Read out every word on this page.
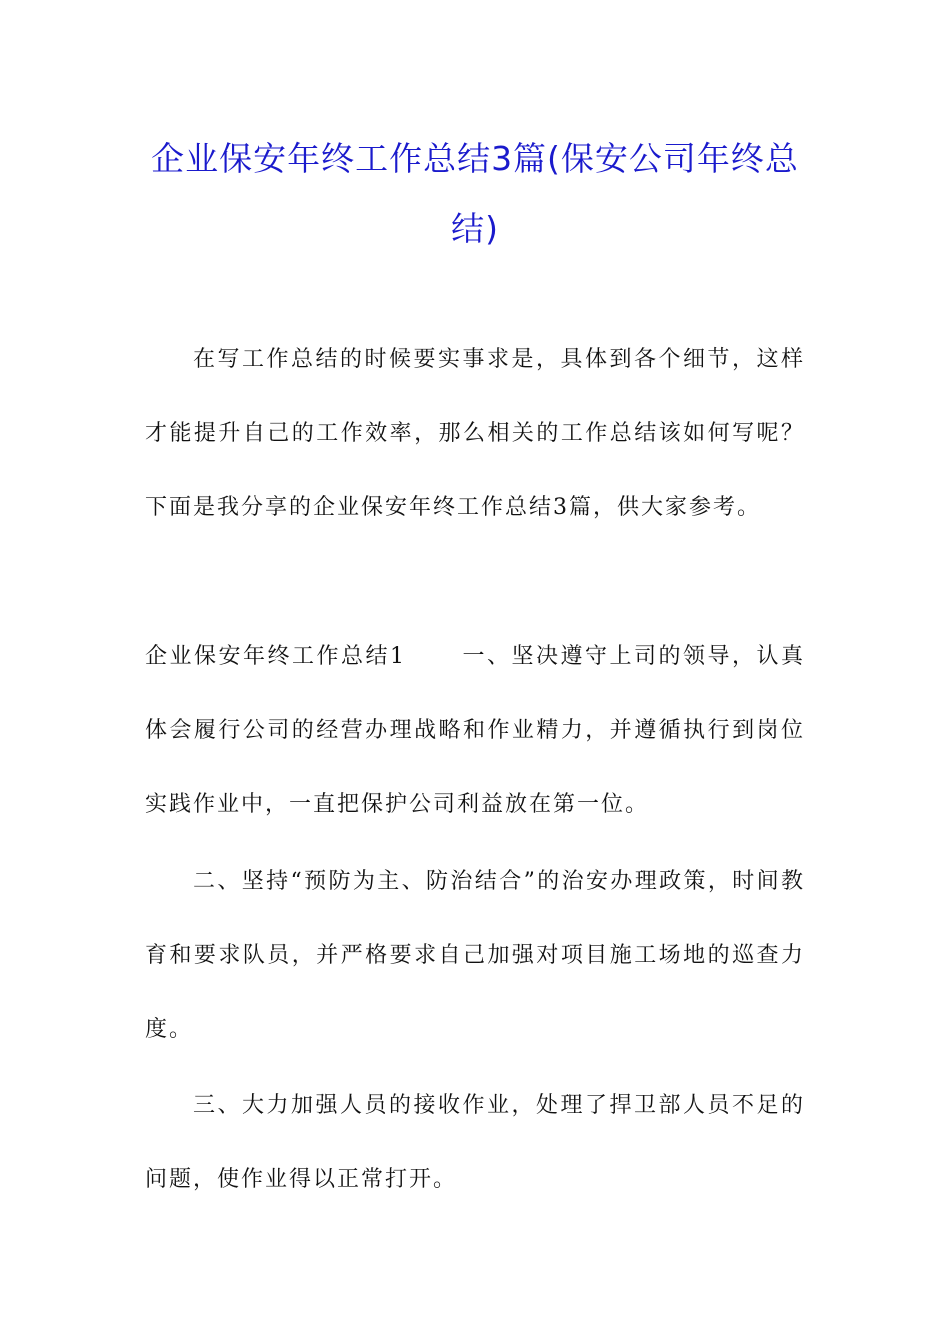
企业保安年终工作总结3篇(保安公司年终总结)

在写工作总结的时候要实事求是，具体到各个细节，这样才能提升自己的工作效率，那么相关的工作总结该如何写呢？下面是我分享的企业保安年终工作总结3篇，供大家参考。

企业保安年终工作总结1	一、坚决遵守上司的领导，认真体会履行公司的经营办理战略和作业精力，并遵循执行到岗位实践作业中，一直把保护公司利益放在第一位。

二、坚持“预防为主、防治结合”的治安办理政策，时间教育和要求队员，并严格要求自己加强对项目施工场地的巡查力度。

三、大力加强人员的接收作业，处理了捍卫部人员不足的问题，使作业得以正常打开。
